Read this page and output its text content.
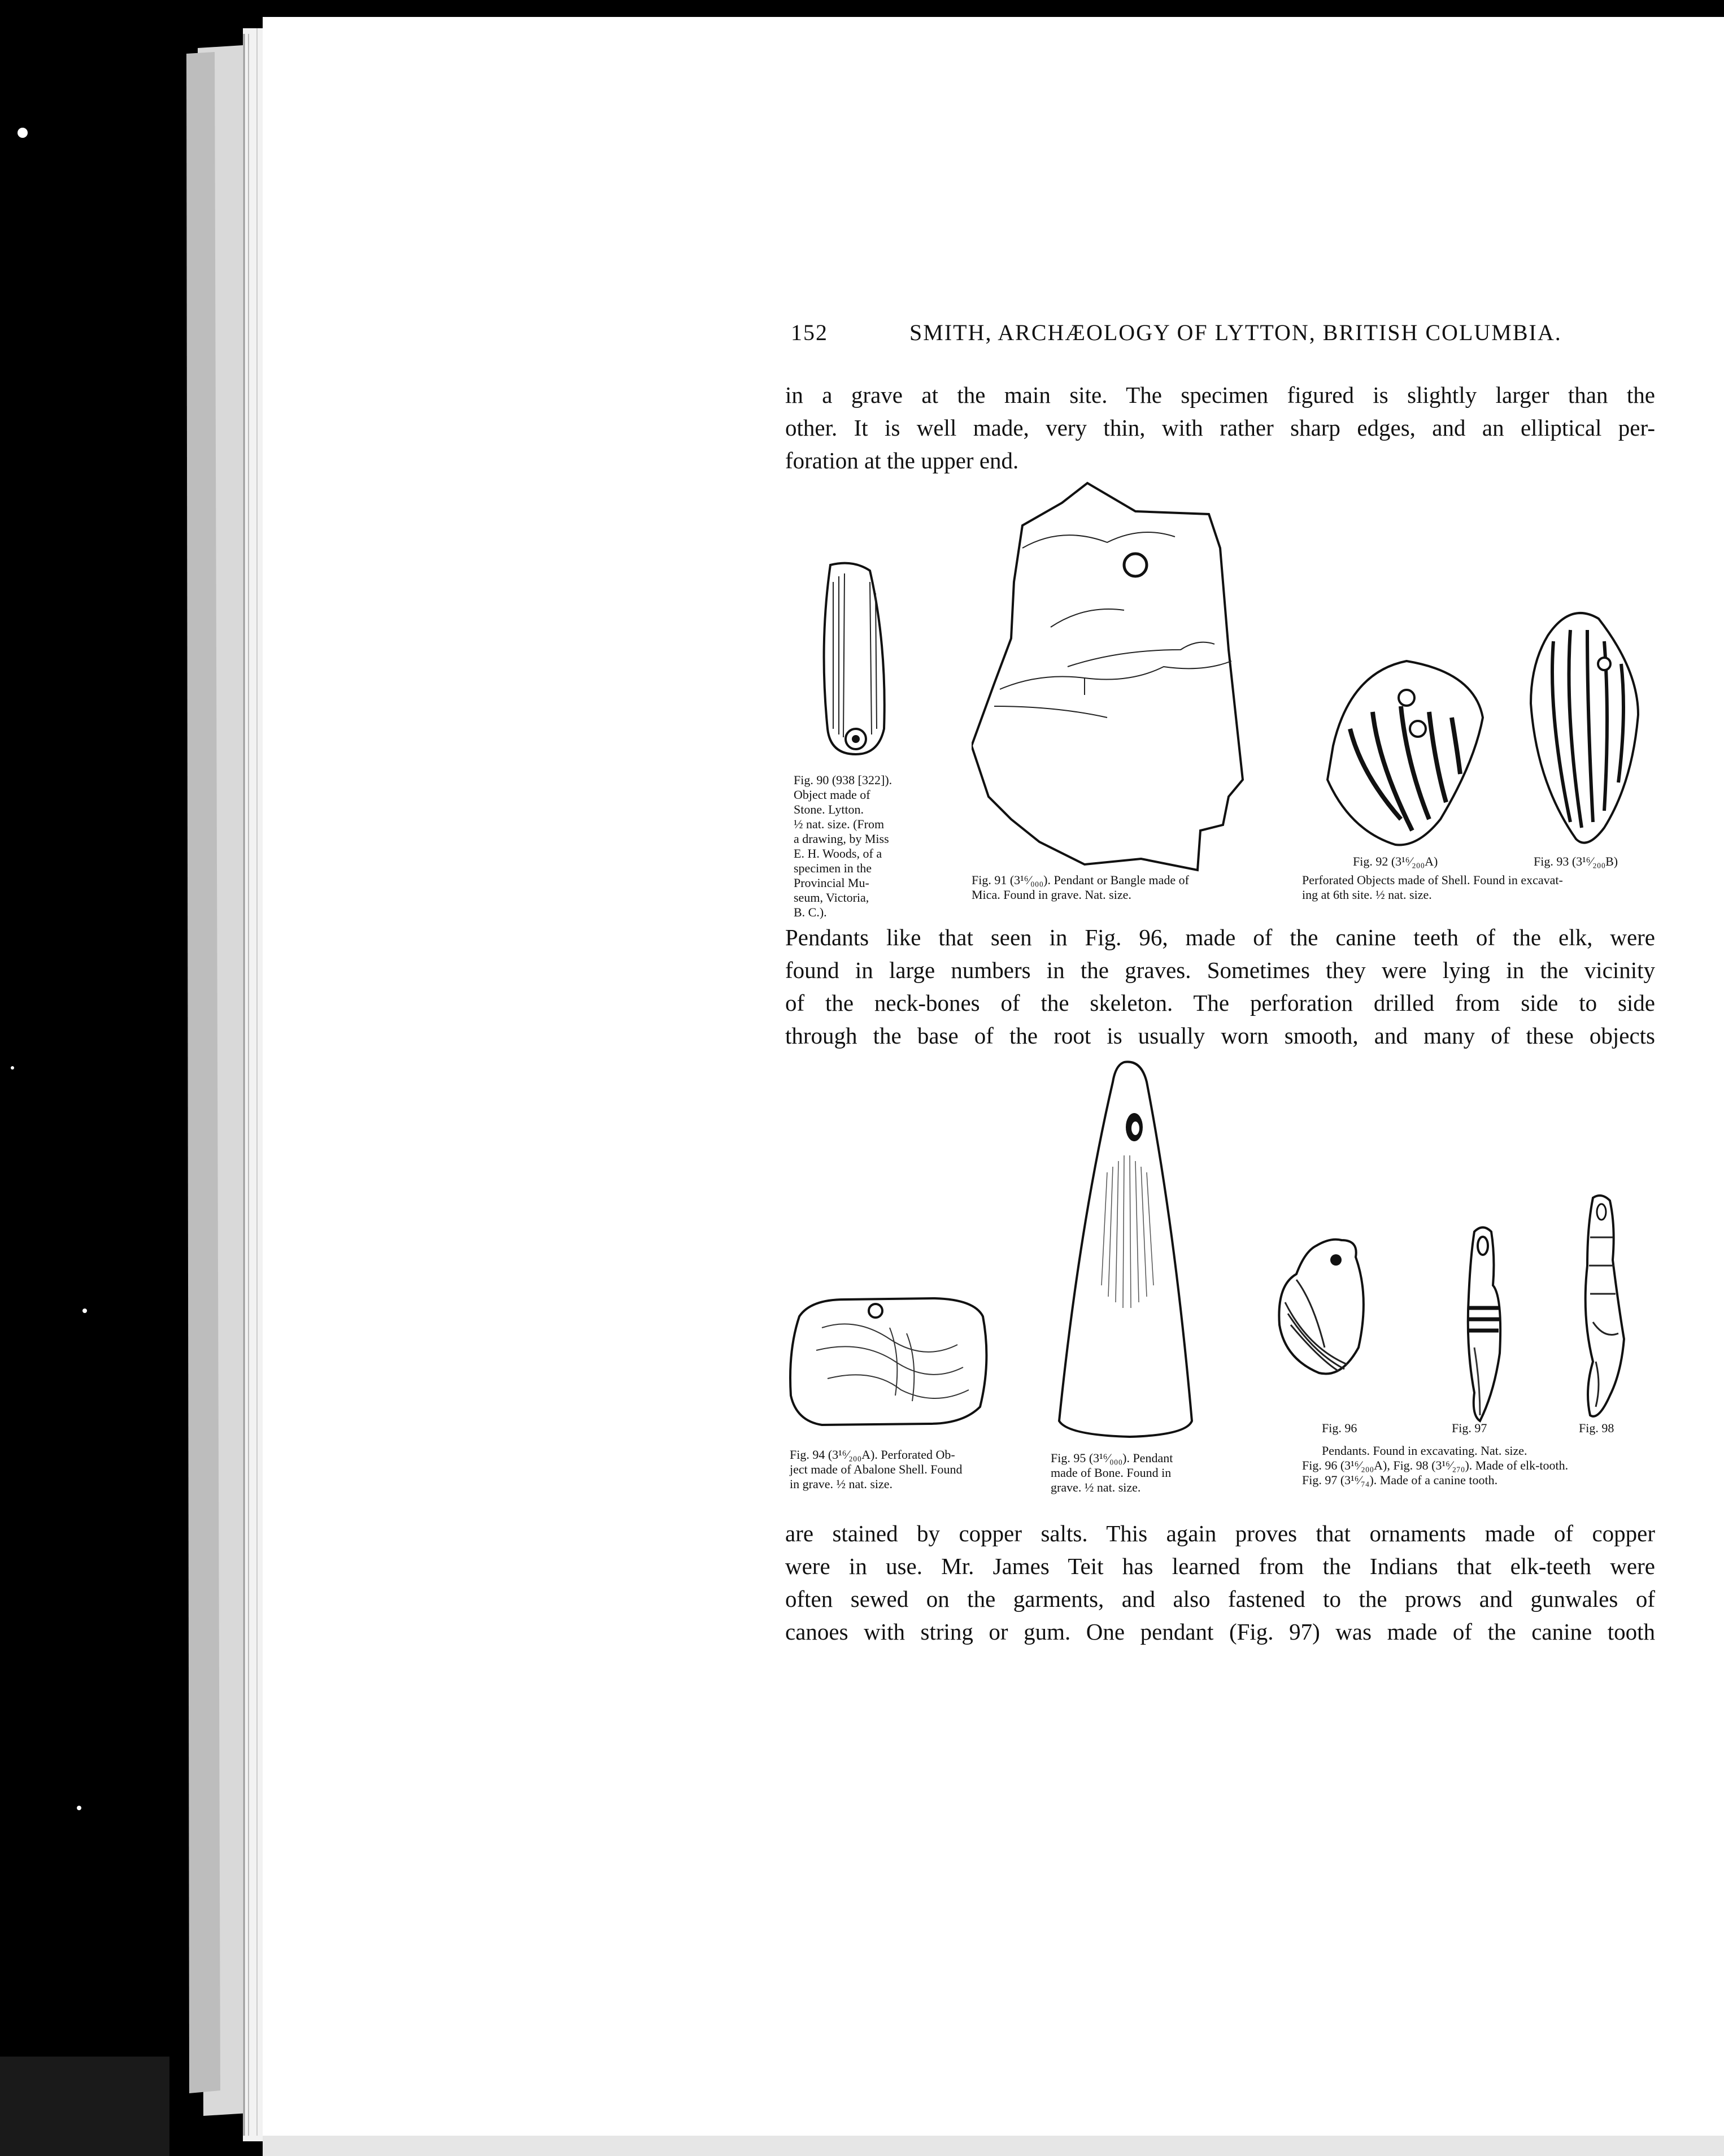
152	SMITH, ARCHÆOLOGY OF LYTTON, BRITISH COLUMBIA.
in a grave at the main site. The specimen figured is slightly larger than the
other. It is well made, very thin, with rather sharp edges, and an elliptical per-
foration at the upper end.
Fig. 90 (938 [322]).
Object made of
Stone. Lytton.
½ nat. size. (From
a drawing, by Miss
E. H. Woods, of a
specimen in the
Provincial Mu-
seum, Victoria,
B. C.).
Fig. 91 (3¹⁶⁄₀₀₀). Pendant or Bangle made of
Mica. Found in grave. Nat. size.
Fig. 92 (3¹⁶⁄₂₀₀A)	Fig. 93 (3¹⁶⁄₂₀₀B)
Perforated Objects made of Shell. Found in excavat-
ing at 6th site. ½ nat. size.
Pendants like that seen in Fig. 96, made of the canine teeth of the elk, were
found in large numbers in the graves. Sometimes they were lying in the vicinity
of the neck-bones of the skeleton. The perforation drilled from side to side
through the base of the root is usually worn smooth, and many of these objects
Fig. 94 (3¹⁶⁄₂₀₀A). Perforated Ob-
ject made of Abalone Shell. Found
in grave. ½ nat. size.
Fig. 95 (3¹⁶⁄₀₀₀). Pendant
made of Bone. Found in
grave. ½ nat. size.
Fig. 96	Fig. 97	Fig. 98
Pendants. Found in excavating. Nat. size.
Fig. 96 (3¹⁶⁄₂₀₀A), Fig. 98 (3¹⁶⁄₂₇₀). Made of elk-tooth.
Fig. 97 (3¹⁶⁄₇₄). Made of a canine tooth.
are stained by copper salts. This again proves that ornaments made of copper
were in use. Mr. James Teit has learned from the Indians that elk-teeth were
often sewed on the garments, and also fastened to the prows and gunwales of
canoes with string or gum. One pendant (Fig. 97) was made of the canine tooth
